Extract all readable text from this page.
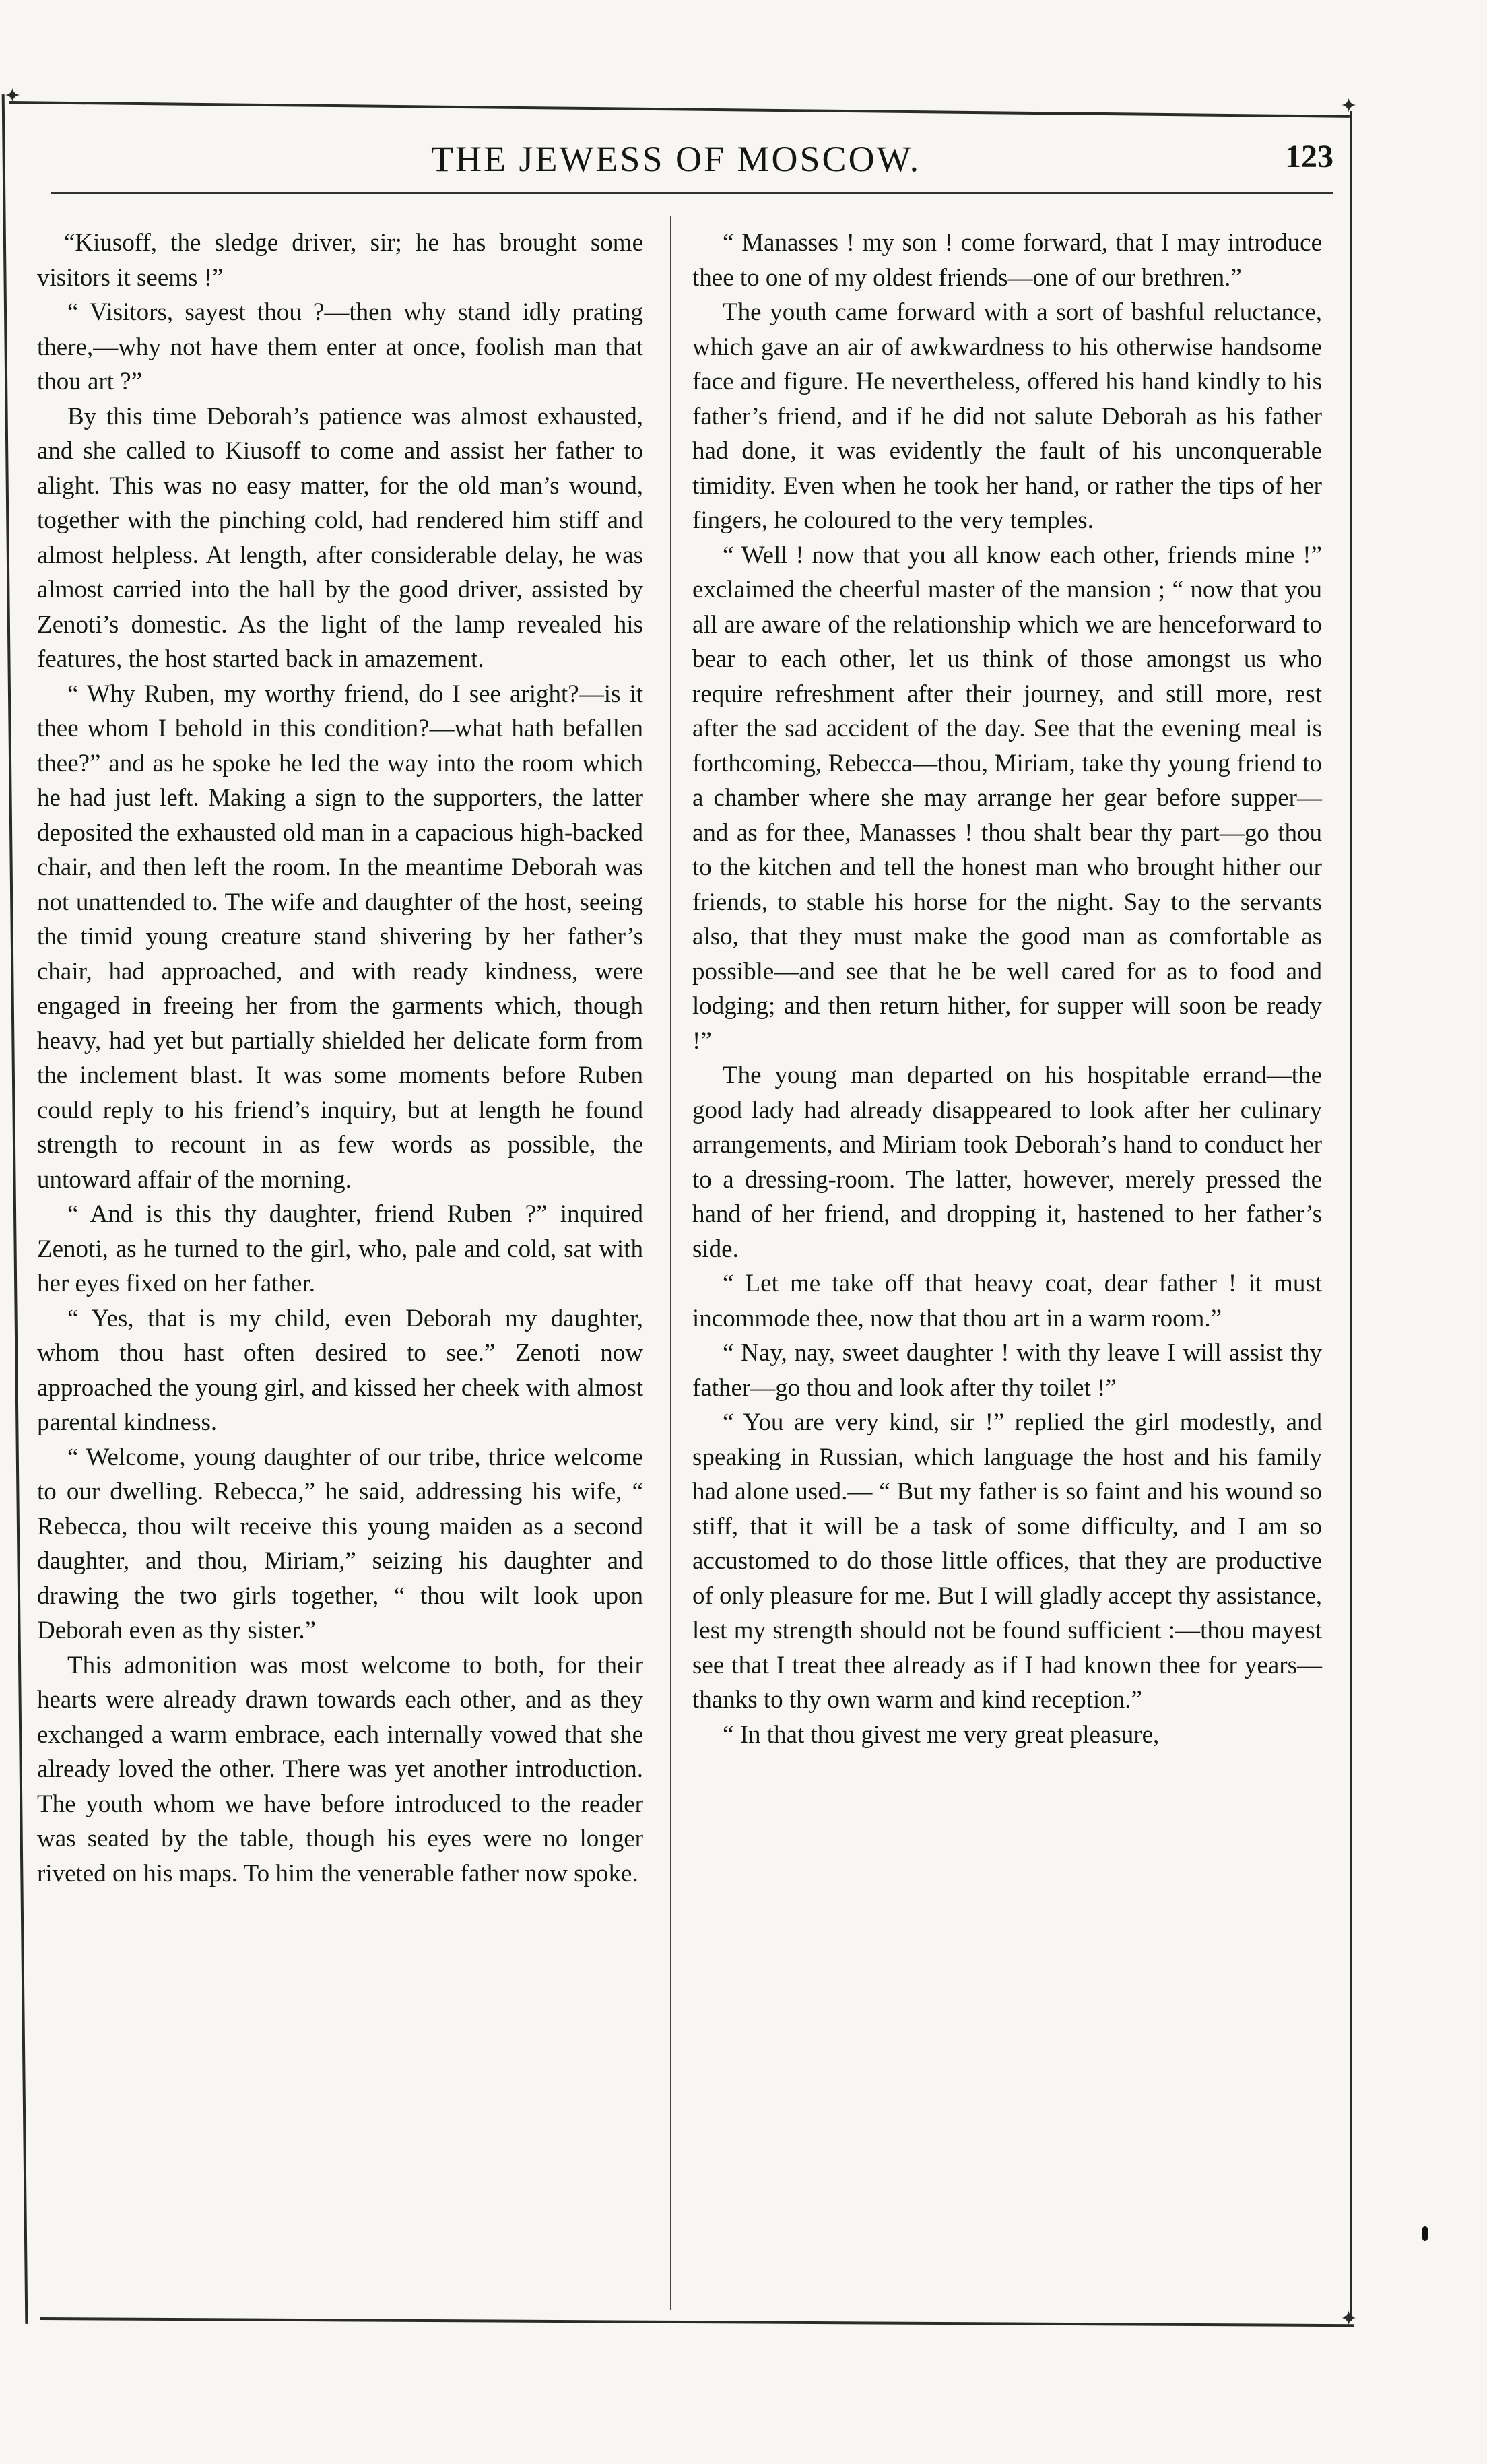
✦	✦
✦
THE JEWESS OF MOSCOW.	123

“Kiusoff, the sledge driver, sir; he has brought some visitors it seems !”

“ Visitors, sayest thou ?—then why stand idly prating there,—why not have them enter at once, foolish man that thou art ?”

By this time Deborah’s patience was almost exhausted, and she called to Kiusoff to come and assist her father to alight. This was no easy matter, for the old man’s wound, together with the pinching cold, had rendered him stiff and almost helpless. At length, after considerable delay, he was almost carried into the hall by the good driver, assisted by Zenoti’s domestic. As the light of the lamp revealed his features, the host started back in amazement.

“ Why Ruben, my worthy friend, do I see aright?—is it thee whom I behold in this condition?—what hath befallen thee?” and as he spoke he led the way into the room which he had just left. Making a sign to the supporters, the latter deposited the exhausted old man in a capacious high-backed chair, and then left the room. In the meantime Deborah was not unattended to. The wife and daughter of the host, seeing the timid young creature stand shivering by her father’s chair, had approached, and with ready kindness, were engaged in freeing her from the garments which, though heavy, had yet but partially shielded her delicate form from the inclement blast. It was some moments before Ruben could reply to his friend’s inquiry, but at length he found strength to recount in as few words as possible, the untoward affair of the morning.

“ And is this thy daughter, friend Ruben ?” inquired Zenoti, as he turned to the girl, who, pale and cold, sat with her eyes fixed on her father.

“ Yes, that is my child, even Deborah my daughter, whom thou hast often desired to see.” Zenoti now approached the young girl, and kissed her cheek with almost parental kindness.

“ Welcome, young daughter of our tribe, thrice welcome to our dwelling. Rebecca,” he said, addressing his wife, “ Rebecca, thou wilt receive this young maiden as a second daughter, and thou, Miriam,” seizing his daughter and drawing the two girls together, “ thou wilt look upon Deborah even as thy sister.”

This admonition was most welcome to both, for their hearts were already drawn towards each other, and as they exchanged a warm embrace, each internally vowed that she already loved the other. There was yet another introduction. The youth whom we have before introduced to the reader was seated by the table, though his eyes were no longer riveted on his maps. To him the venerable father now spoke.

“ Manasses ! my son ! come forward, that I may introduce thee to one of my oldest friends—one of our brethren.”

The youth came forward with a sort of bashful reluctance, which gave an air of awkwardness to his otherwise handsome face and figure. He nevertheless, offered his hand kindly to his father’s friend, and if he did not salute Deborah as his father had done, it was evidently the fault of his unconquerable timidity. Even when he took her hand, or rather the tips of her fingers, he coloured to the very temples.

“ Well ! now that you all know each other, friends mine !” exclaimed the cheerful master of the mansion ; “ now that you all are aware of the relationship which we are henceforward to bear to each other, let us think of those amongst us who require refreshment after their journey, and still more, rest after the sad accident of the day. See that the evening meal is forthcoming, Rebecca—thou, Miriam, take thy young friend to a chamber where she may arrange her gear before supper—and as for thee, Manasses ! thou shalt bear thy part—go thou to the kitchen and tell the honest man who brought hither our friends, to stable his horse for the night. Say to the servants also, that they must make the good man as comfortable as possible—and see that he be well cared for as to food and lodging; and then return hither, for supper will soon be ready !”

The young man departed on his hospitable errand—the good lady had already disappeared to look after her culinary arrangements, and Miriam took Deborah’s hand to conduct her to a dressing-room. The latter, however, merely pressed the hand of her friend, and dropping it, hastened to her father’s side.

“ Let me take off that heavy coat, dear father ! it must incommode thee, now that thou art in a warm room.”

“ Nay, nay, sweet daughter ! with thy leave I will assist thy father—go thou and look after thy toilet !”

“ You are very kind, sir !” replied the girl modestly, and speaking in Russian, which language the host and his family had alone used.— “ But my father is so faint and his wound so stiff, that it will be a task of some difficulty, and I am so accustomed to do those little offices, that they are productive of only pleasure for me. But I will gladly accept thy assistance, lest my strength should not be found sufficient :—thou mayest see that I treat thee already as if I had known thee for years—thanks to thy own warm and kind reception.”

“ In that thou givest me very great pleasure,
